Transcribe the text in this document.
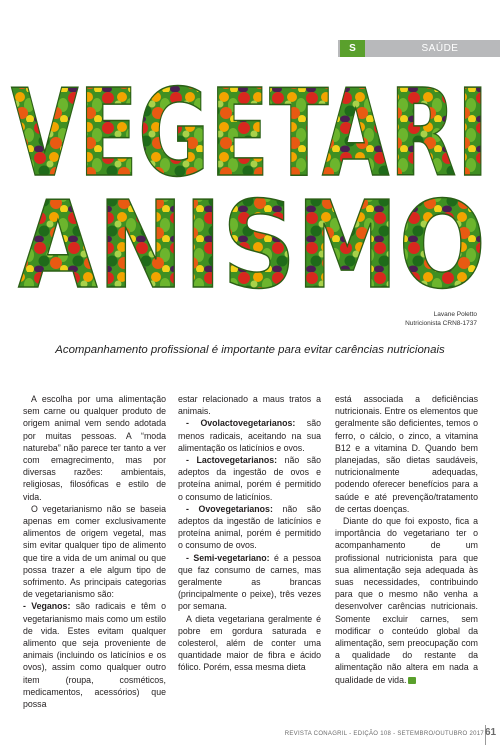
S	SAÚDE
VEGETARI
ANISMO
Lavane Poletto
Nutricionista CRN8-1737
Acompanhamento profissional é importante para evitar carências nutricionais

A escolha por uma alimentação sem carne ou qualquer produto de origem animal vem sendo adotada por muitas pessoas. A “moda natureba” não parece ter tanto a ver com emagrecimento, mas por diversas razões: ambientais, religiosas, filosóficas e estilo de vida.

O vegetarianismo não se baseia apenas em comer exclusivamente alimentos de origem vegetal, mas sim evitar qualquer tipo de alimento que tire a vida de um animal ou que possa trazer a ele algum tipo de sofrimento. As principais categorias de vegetarianismo são:

- Veganos: são radicais e têm o vegetarianismo mais como um estilo de vida. Estes evitam qualquer alimento que seja proveniente de animais (incluindo os laticínios e os ovos), assim como qualquer outro item (roupa, cosméticos, medicamentos, acessórios) que possa

estar relacionado a maus tratos a animais.

- Ovolactovegetarianos: são menos radicais, aceitando na sua alimentação os laticínios e ovos.

- Lactovegetarianos: não são adeptos da ingestão de ovos e proteína animal, porém é permitido o consumo de laticínios.

- Ovovegetarianos: não são adeptos da ingestão de laticínios e proteína animal, porém é permitido o consumo de ovos.

- Semi-vegetariano: é a pessoa que faz consumo de carnes, mas geralmente as brancas (principalmente o peixe), três vezes por semana.

A dieta vegetariana geralmente é pobre em gordura saturada e colesterol, além de conter uma quantidade maior de fibra e ácido fólico. Porém, essa mesma dieta

está associada a deficiências nutricionais. Entre os elementos que geralmente são deficientes, temos o ferro, o cálcio, o zinco, a vitamina B12 e a vitamina D. Quando bem planejadas, são dietas saudáveis, nutricionalmente adequadas, podendo oferecer benefícios para a saúde e até prevenção/tratamento de certas doenças.

Diante do que foi exposto, fica a importância do vegetariano ter o acompanhamento de um profissional nutricionista para que sua alimentação seja adequada às suas necessidades, contribuindo para que o mesmo não venha a desenvolver carências nutricionais. Somente excluir carnes, sem modificar o conteúdo global da alimentação, sem preocupação com a qualidade do restante da alimentação não altera em nada a qualidade de vida.

REVISTA CONAGRIL - EDIÇÃO 108 - SETEMBRO/OUTUBRO 2017 61
